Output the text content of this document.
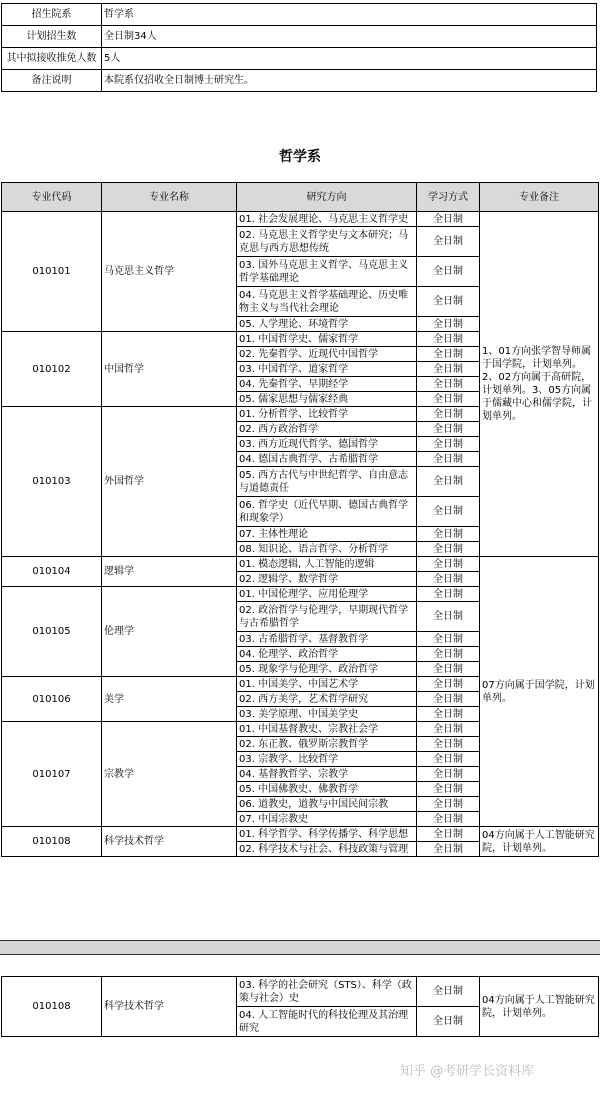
招生院系	哲学系
计划招生数	全日制34人
其中拟接收推免人数	5人
备注说明	本院系仅招收全日制博士研究生。
哲学系
专业代码	专业名称	研究方向	学习方式	专业备注
010101	马克思主义哲学	01. 社会发展理论、马克思主义哲学史	全日制	1、01方向张学智导师属于国学院，计划单列。2、02方向属于高研院，计划单列。3、05方向属于儒藏中心和儒学院，计划单列。
		02. 马克思主义哲学史与文本研究；马克思与西方思想传统	全日制	
		03. 国外马克思主义哲学、马克思主义哲学基础理论	全日制	
		04. 马克思主义哲学基础理论、历史唯物主义与当代社会理论	全日制	
		05. 人学理论、环境哲学	全日制	
010102	中国哲学	01. 中国哲学史、儒家哲学	全日制	
		02. 先秦哲学、近现代中国哲学	全日制	
		03. 中国哲学、道家哲学	全日制	
		04. 先秦哲学、早期经学	全日制	
		05. 儒家思想与儒家经典	全日制	
010103	外国哲学	01. 分析哲学、比较哲学	全日制	
		02. 西方政治哲学	全日制	
		03. 西方近现代哲学、德国哲学	全日制	
		04. 德国古典哲学、古希腊哲学	全日制	
		05. 西方古代与中世纪哲学、自由意志与道德责任	全日制	
		06. 哲学史（近代早期、德国古典哲学和现象学）	全日制	
		07. 主体性理论	全日制	
		08. 知识论、语言哲学、分析哲学	全日制	
010104	逻辑学	01. 模态逻辑, 人工智能的逻辑	全日制	07方向属于国学院，计划单列。
		02. 逻辑学、数学哲学	全日制	
010105	伦理学	01. 中国伦理学、应用伦理学	全日制	
		02. 政治哲学与伦理学，早期现代哲学与古希腊哲学	全日制	
		03. 古希腊哲学、基督教哲学	全日制	
		04. 伦理学、政治哲学	全日制	
		05. 现象学与伦理学、政治哲学	全日制	
010106	美学	01. 中国美学、中国艺术学	全日制	
		02. 西方美学，艺术哲学研究	全日制	
		03. 美学原理、中国美学史	全日制	
010107	宗教学	01. 中国基督教史、宗教社会学	全日制	
		02. 东正教、俄罗斯宗教哲学	全日制	
		03. 宗教学、比较哲学	全日制	
		04. 基督教哲学、宗教学	全日制	
		05. 中国佛教史、佛教哲学	全日制	
		06. 道教史，道教与中国民间宗教	全日制	
		07. 中国宗教史	全日制	
010108	科学技术哲学	01. 科学哲学、科学传播学、科学思想	全日制	04方向属于人工智能研究院，计划单列。
		02. 科学技术与社会、科技政策与管理	全日制	
010108	科学技术哲学	03. 科学的社会研究（STS）、科学（政策与社会）史	全日制	04方向属于人工智能研究院，计划单列。
		04. 人工智能时代的科技伦理及其治理研究	全日制	
知乎 @考研学长资料库
